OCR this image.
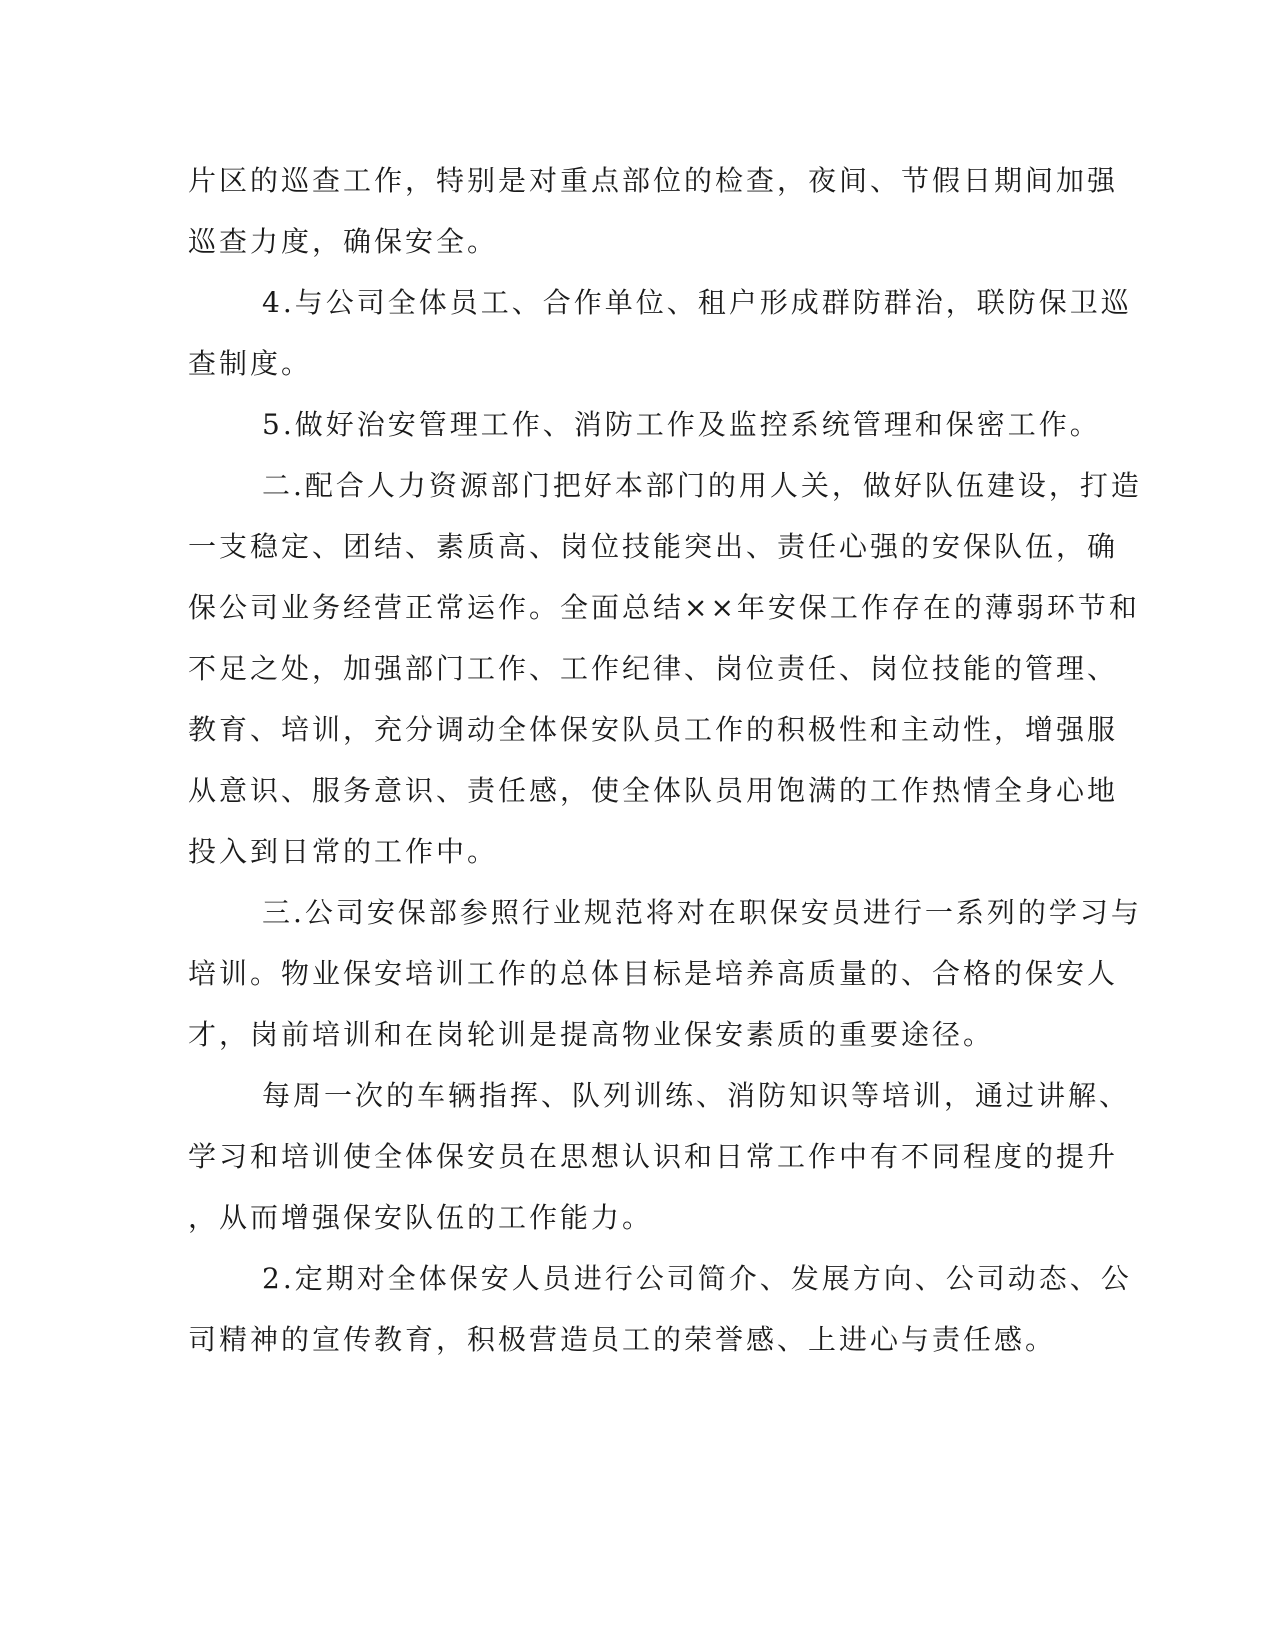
片区的巡查工作，特别是对重点部位的检查，夜间、节假日期间加强
巡查力度，确保安全。
4.与公司全体员工、合作单位、租户形成群防群治，联防保卫巡
查制度。
5.做好治安管理工作、消防工作及监控系统管理和保密工作。
二.配合人力资源部门把好本部门的用人关，做好队伍建设，打造
一支稳定、团结、素质高、岗位技能突出、责任心强的安保队伍，确
保公司业务经营正常运作。全面总结××年安保工作存在的薄弱环节和
不足之处，加强部门工作、工作纪律、岗位责任、岗位技能的管理、
教育、培训，充分调动全体保安队员工作的积极性和主动性，增强服
从意识、服务意识、责任感，使全体队员用饱满的工作热情全身心地
投入到日常的工作中。
三.公司安保部参照行业规范将对在职保安员进行一系列的学习与
培训。物业保安培训工作的总体目标是培养高质量的、合格的保安人
才，岗前培训和在岗轮训是提高物业保安素质的重要途径。
每周一次的车辆指挥、队列训练、消防知识等培训，通过讲解、
学习和培训使全体保安员在思想认识和日常工作中有不同程度的提升
，从而增强保安队伍的工作能力。
2.定期对全体保安人员进行公司简介、发展方向、公司动态、公
司精神的宣传教育，积极营造员工的荣誉感、上进心与责任感。
